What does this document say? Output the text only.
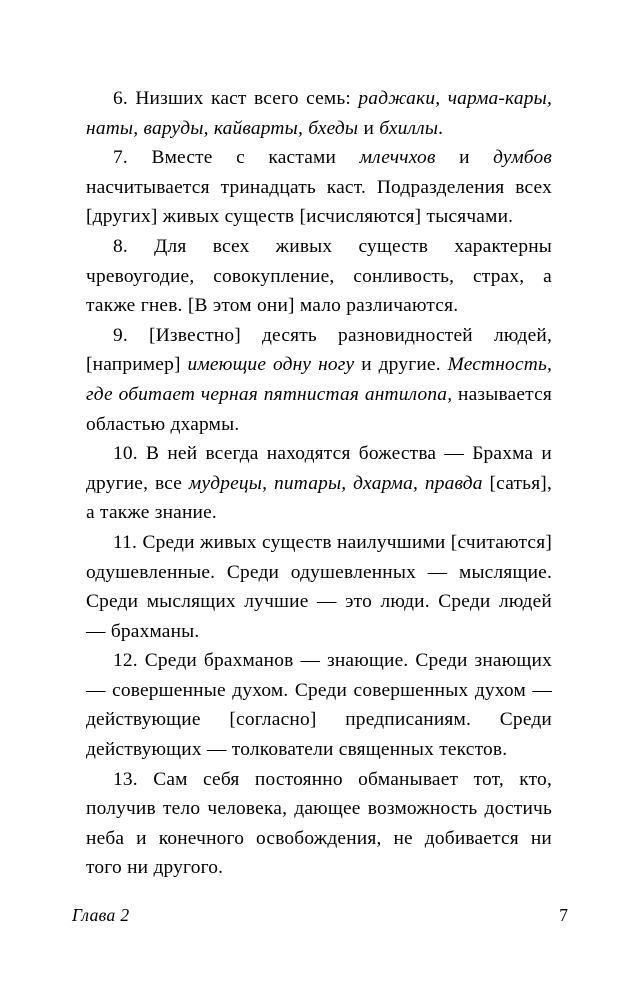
6. Низших каст всего семь: раджаки, чарма-кары, наты, варуды, кайварты, бхеды и бхиллы.

7. Вместе с кастами млеччхов и думбов насчитывается тринадцать каст. Подразделения всех [других] живых существ [исчисляются] тысячами.

8. Для всех живых существ характерны чревоугодие, совокупление, сонливость, страх, а также гнев. [В этом они] мало различаются.

9. [Известно] десять разновидностей людей, [например] имеющие одну ногу и другие. Местность, где обитает черная пятнистая антилопа, называется областью дхармы.

10. В ней всегда находятся божества — Брахма и другие, все мудрецы, питары, дхарма, правда [сатья], а также знание.

11. Среди живых существ наилучшими [считаются] одушевленные. Среди одушевленных — мыслящие. Среди мыслящих лучшие — это люди. Среди людей — брахманы.

12. Среди брахманов — знающие. Среди знающих — совершенные духом. Среди совершенных духом — действующие [согласно] предписаниям. Среди действующих — толкователи священных текстов.

13. Сам себя постоянно обманывает тот, кто, получив тело человека, дающее возможность достичь неба и конечного освобождения, не добивается ни того ни другого.

Глава 2	7
